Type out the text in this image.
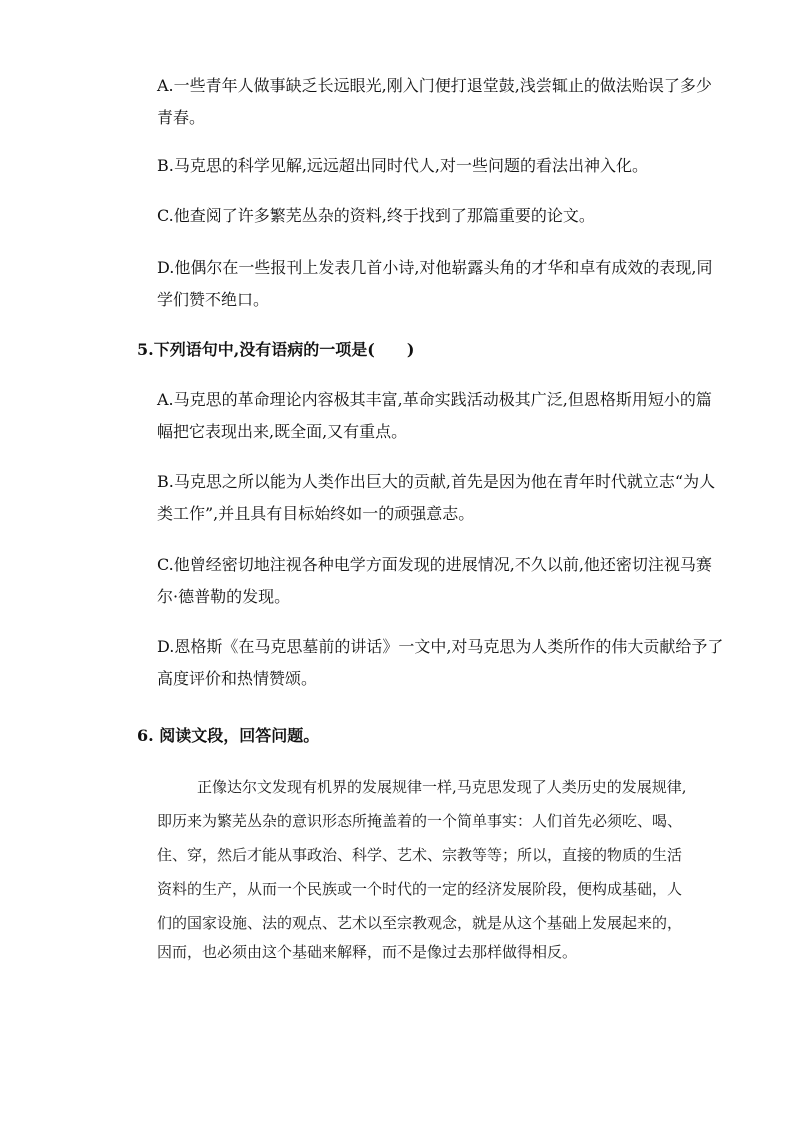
A.一些青年人做事缺乏长远眼光,刚入门便打退堂鼓,浅尝辄止的做法贻误了多少
青春。
B.马克思的科学见解,远远超出同时代人,对一些问题的看法出神入化。
C.他查阅了许多繁芜丛杂的资料,终于找到了那篇重要的论文。
D.他偶尔在一些报刊上发表几首小诗,对他崭露头角的才华和卓有成效的表现,同
学们赞不绝口。
5.下列语句中,没有语病的一项是(　　)
A.马克思的革命理论内容极其丰富,革命实践活动极其广泛,但恩格斯用短小的篇
幅把它表现出来,既全面,又有重点。
B.马克思之所以能为人类作出巨大的贡献,首先是因为他在青年时代就立志“为人
类工作”,并且具有目标始终如一的顽强意志。
C.他曾经密切地注视各种电学方面发现的进展情况,不久以前,他还密切注视马赛
尔·德普勒的发现。
D.恩格斯《在马克思墓前的讲话》一文中,对马克思为人类所作的伟大贡献给予了
高度评价和热情赞颂。
6. 阅读文段，回答问题。
正像达尔文发现有机界的发展规律一样,马克思发现了人类历史的发展规律,
即历来为繁芜丛杂的意识形态所掩盖着的一个简单事实：人们首先必须吃、喝、
住、穿，然后才能从事政治、科学、艺术、宗教等等；所以，直接的物质的生活
资料的生产，从而一个民族或一个时代的一定的经济发展阶段，便构成基础，人
们的国家设施、法的观点、艺术以至宗教观念，就是从这个基础上发展起来的，
因而，也必须由这个基础来解释，而不是像过去那样做得相反。
